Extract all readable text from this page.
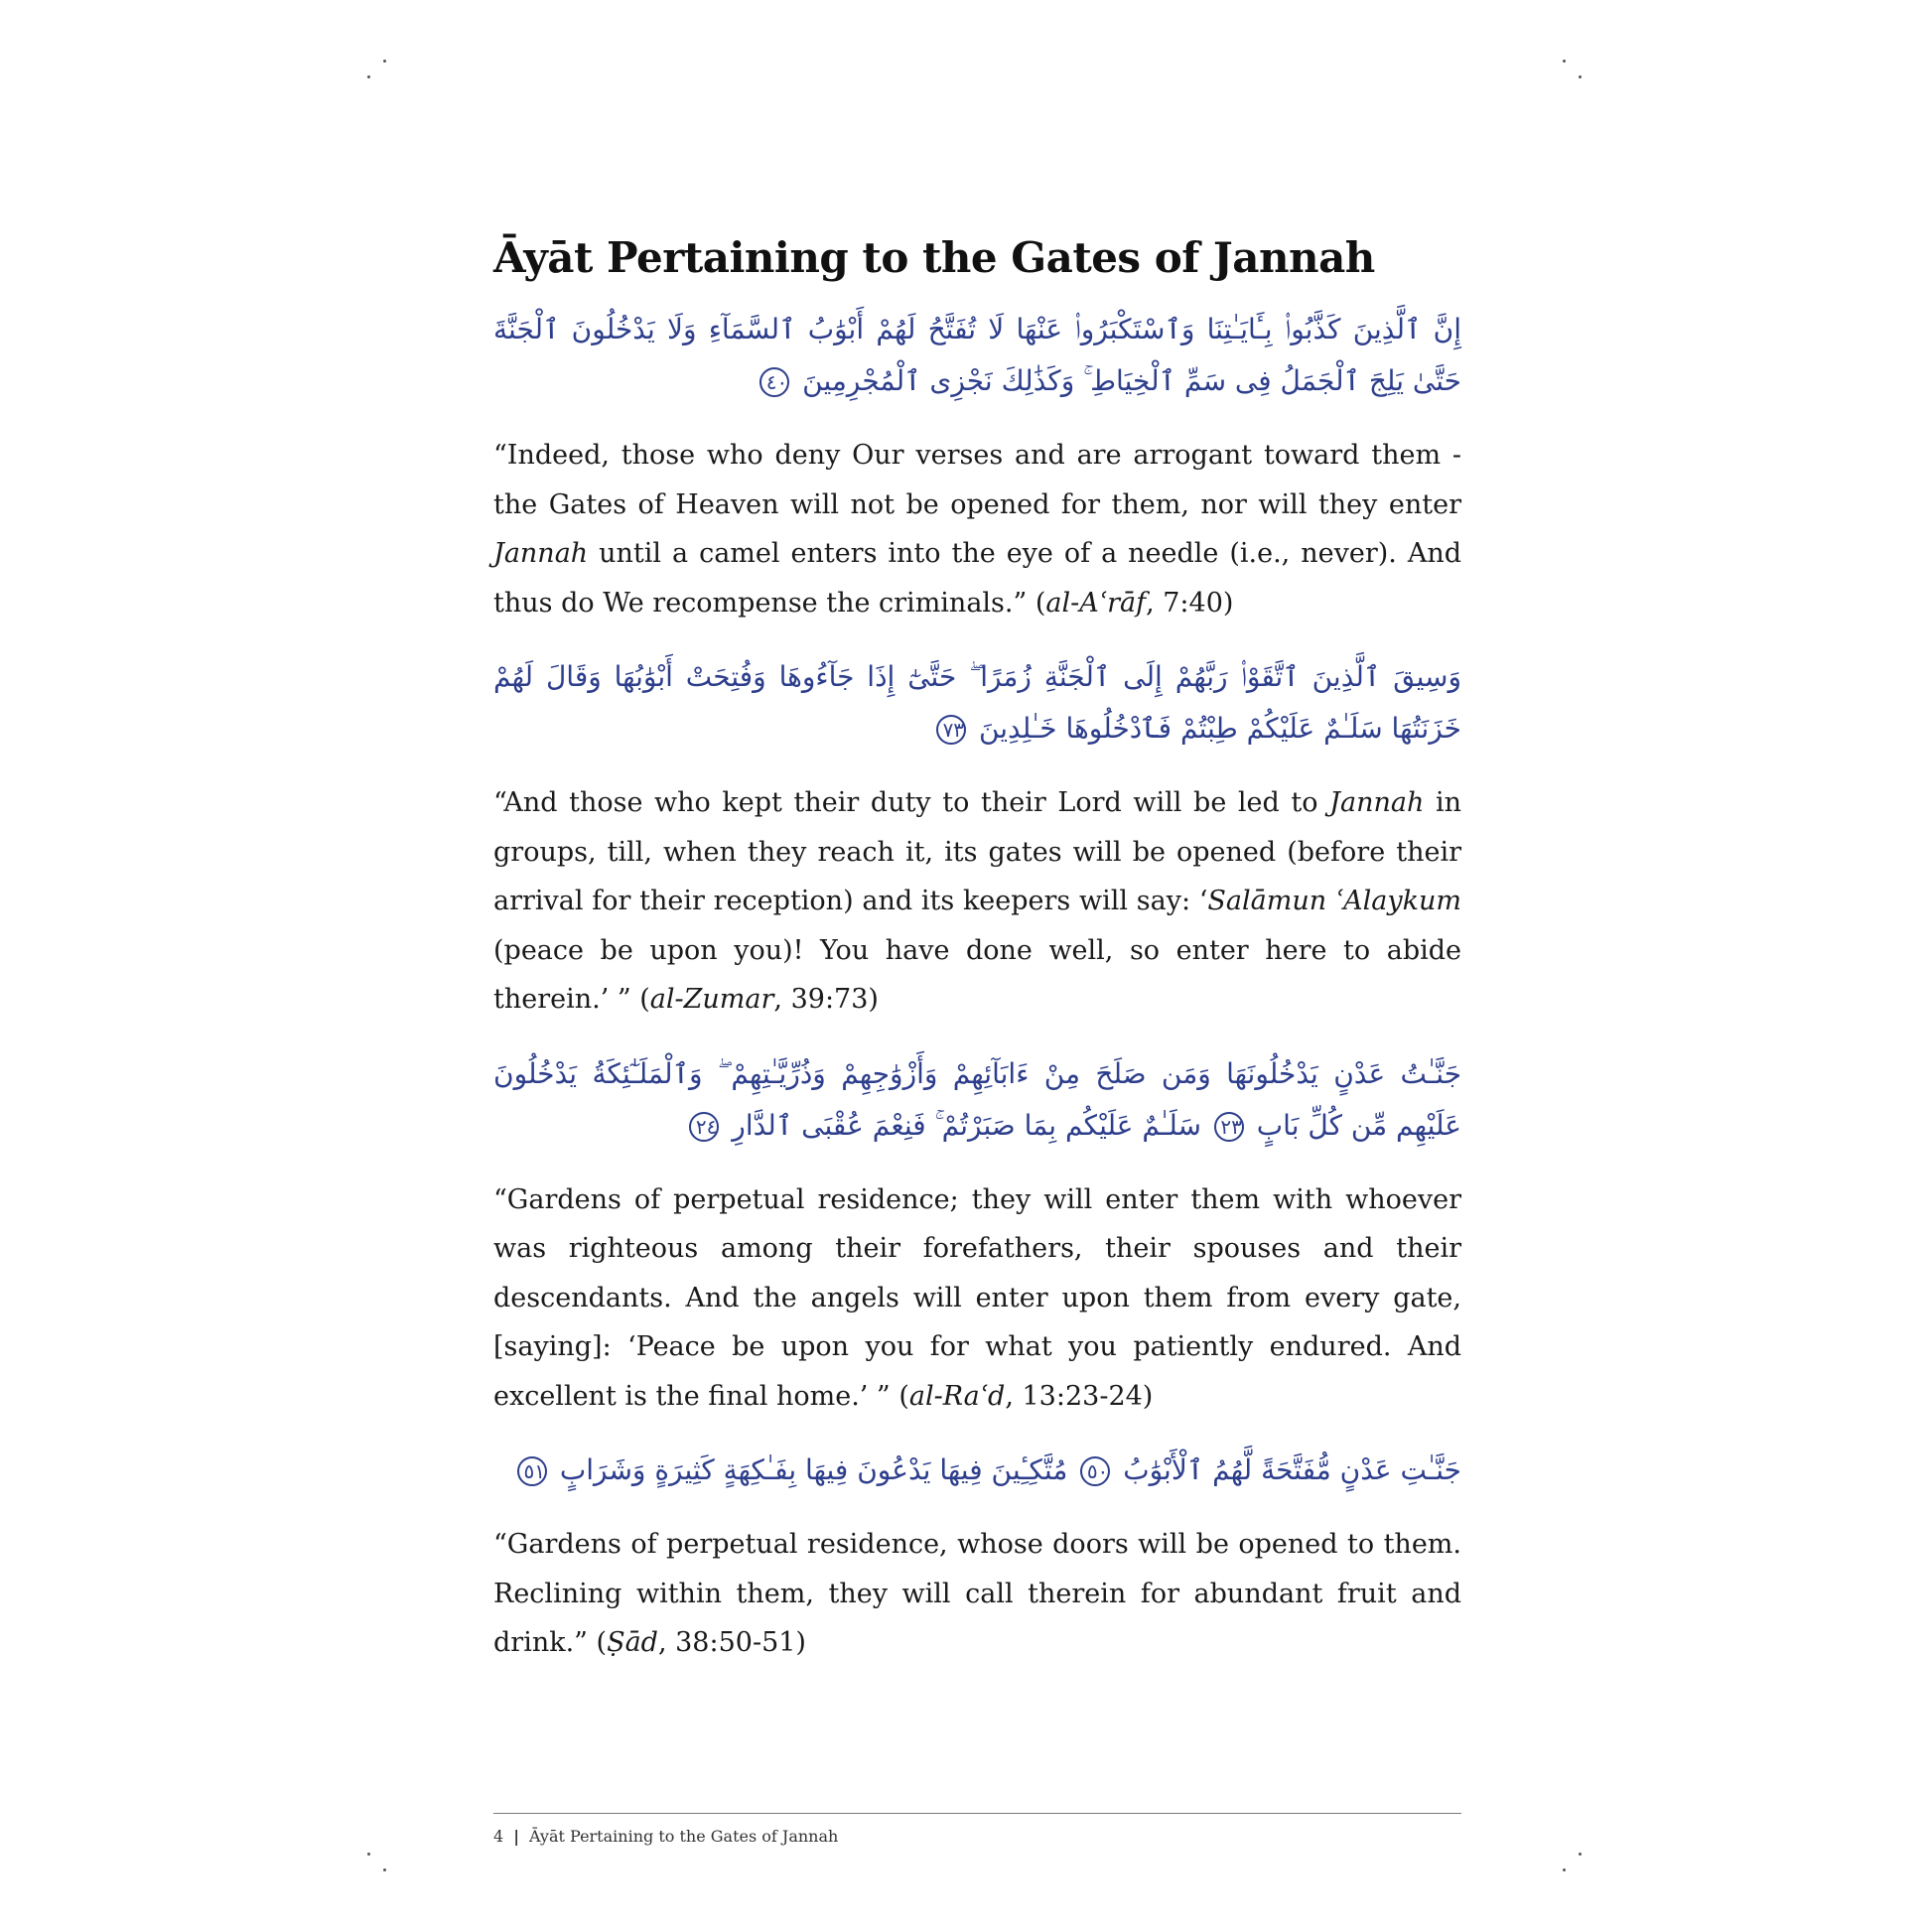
Āyāt Pertaining to the Gates of Jannah
إِنَّ ٱلَّذِينَ كَذَّبُوا۟ بِـَٔايَـٰتِنَا وَٱسْتَكْبَرُوا۟ عَنْهَا لَا تُفَتَّحُ لَهُمْ أَبْوَٰبُ ٱلسَّمَآءِ وَلَا يَدْخُلُونَ ٱلْجَنَّةَ حَتَّىٰ يَلِجَ ٱلْجَمَلُ فِى سَمِّ ٱلْخِيَاطِ ۚ وَكَذَٰلِكَ نَجْزِى ٱلْمُجْرِمِينَ ٤٠

“Indeed, those who deny Our verses and are arrogant toward them - the Gates of Heaven will not be opened for them, nor will they enter Jannah until a camel enters into the eye of a needle (i.e., never). And thus do We recompense the criminals.” (al-Aʿrāf, 7:40)

وَسِيقَ ٱلَّذِينَ ٱتَّقَوْا۟ رَبَّهُمْ إِلَى ٱلْجَنَّةِ زُمَرًا ۖ حَتَّىٰٓ إِذَا جَآءُوهَا وَفُتِحَتْ أَبْوَٰبُهَا وَقَالَ لَهُمْ خَزَنَتُهَا سَلَـٰمٌ عَلَيْكُمْ طِبْتُمْ فَٱدْخُلُوهَا خَـٰلِدِينَ ٧٣

“And those who kept their duty to their Lord will be led to Jannah in groups, till, when they reach it, its gates will be opened (before their arrival for their reception) and its keepers will say: ‘Salāmun ʿAlaykum (peace be upon you)! You have done well, so enter here to abide therein.’ ” (al-Zumar, 39:73)

جَنَّـٰتُ عَدْنٍ يَدْخُلُونَهَا وَمَن صَلَحَ مِنْ ءَابَآئِهِمْ وَأَزْوَٰجِهِمْ وَذُرِّيَّـٰتِهِمْ ۖ وَٱلْمَلَـٰٓئِكَةُ يَدْخُلُونَ عَلَيْهِم مِّن كُلِّ بَابٍ ٢٣ سَلَـٰمٌ عَلَيْكُم بِمَا صَبَرْتُمْ ۚ فَنِعْمَ عُقْبَى ٱلدَّارِ ٢٤

“Gardens of perpetual residence; they will enter them with whoever was righteous among their forefathers, their spouses and their descendants. And the angels will enter upon them from every gate, [saying]: ‘Peace be upon you for what you patiently endured. And excellent is the final home.’ ” (al-Raʿd, 13:23-24)

جَنَّـٰتِ عَدْنٍ مُّفَتَّحَةً لَّهُمُ ٱلْأَبْوَٰبُ ٥٠ مُتَّكِـِٔينَ فِيهَا يَدْعُونَ فِيهَا بِفَـٰكِهَةٍ كَثِيرَةٍ وَشَرَابٍ ٥١

“Gardens of perpetual residence, whose doors will be opened to them. Reclining within them, they will call therein for abundant fruit and drink.” (Ṣād, 38:50-51)

4 | Āyāt Pertaining to the Gates of Jannah
